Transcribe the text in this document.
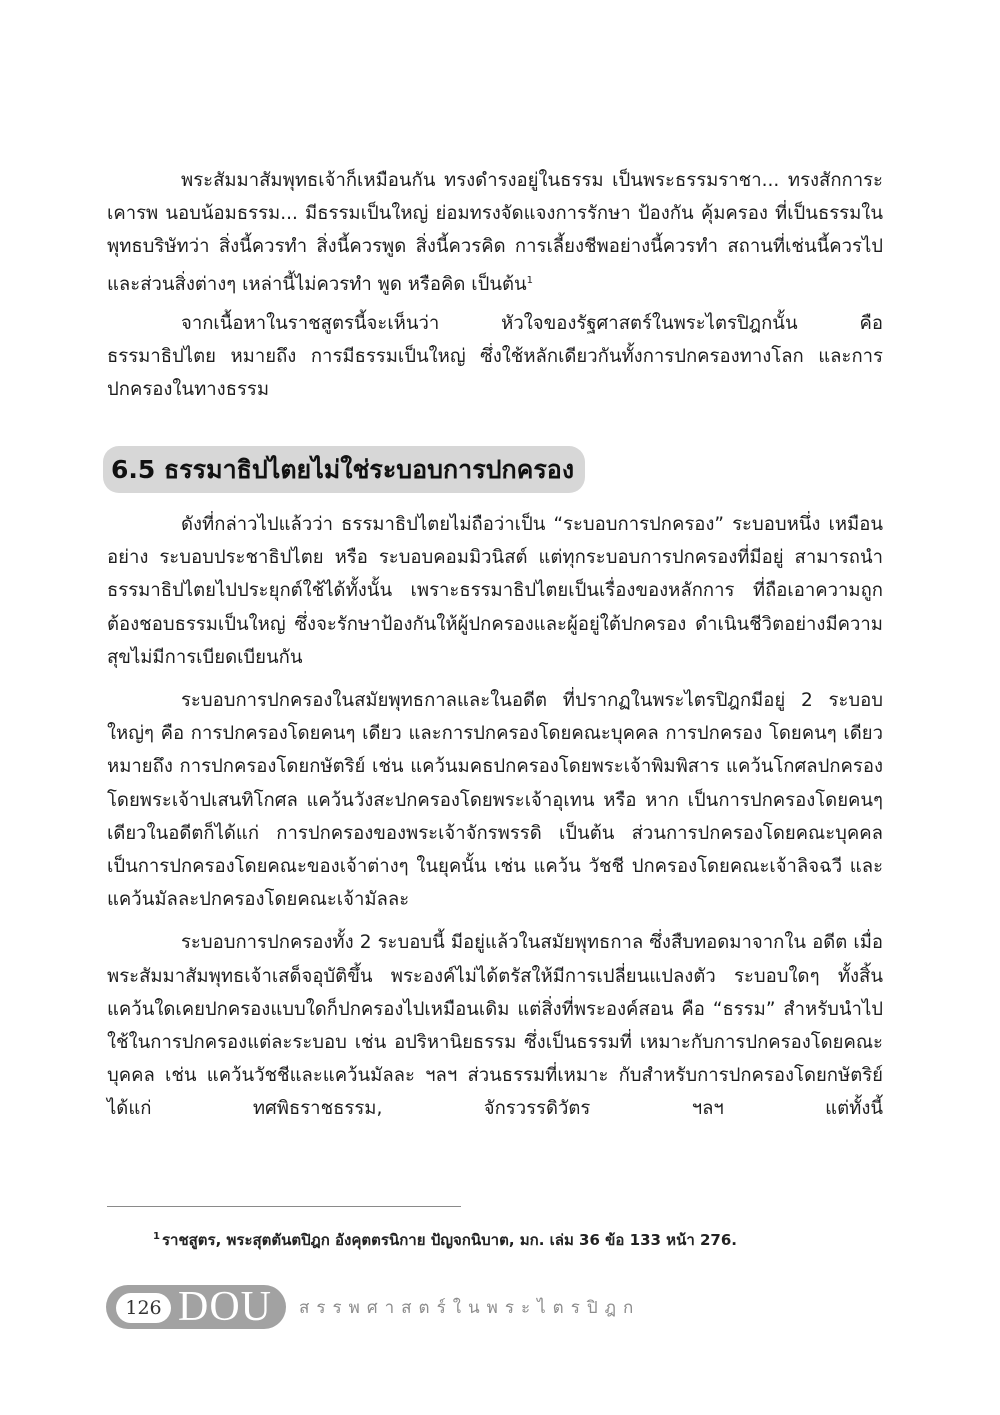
พระสัมมาสัมพุทธเจ้าก็เหมือนกัน ทรงดำรงอยู่ในธรรม เป็นพระธรรมราชา... ทรงสักการะ เคารพ นอบน้อมธรรม... มีธรรมเป็นใหญ่ ย่อมทรงจัดแจงการรักษา ป้องกัน คุ้มครอง ที่เป็นธรรมในพุทธบริษัทว่า สิ่งนี้ควรทำ สิ่งนี้ควรพูด สิ่งนี้ควรคิด การเลี้ยงชีพอย่างนี้ควรทำ สถานที่เช่นนี้ควรไป และส่วนสิ่งต่างๆ เหล่านี้ไม่ควรทำ พูด หรือคิด เป็นต้น$^1$

จากเนื้อหาในราชสูตรนี้จะเห็นว่า หัวใจของรัฐศาสตร์ในพระไตรปิฎกนั้น คือ ธรรมาธิปไตย หมายถึง การมีธรรมเป็นใหญ่ ซึ่งใช้หลักเดียวกันทั้งการปกครองทางโลก และการปกครองในทางธรรม

6.5 ธรรมาธิปไตยไม่ใช่ระบอบการปกครอง

ดังที่กล่าวไปแล้วว่า ธรรมาธิปไตยไม่ถือว่าเป็น “ระบอบการปกครอง” ระบอบหนึ่ง เหมือนอย่าง ระบอบประชาธิปไตย หรือ ระบอบคอมมิวนิสต์ แต่ทุกระบอบการปกครองที่มีอยู่ สามารถนำธรรมาธิปไตยไปประยุกต์ใช้ได้ทั้งนั้น เพราะธรรมาธิปไตยเป็นเรื่องของหลักการ ที่ถือเอาความถูกต้องชอบธรรมเป็นใหญ่ ซึ่งจะรักษาป้องกันให้ผู้ปกครองและผู้อยู่ใต้ปกครอง ดำเนินชีวิตอย่างมีความสุขไม่มีการเบียดเบียนกัน

ระบอบการปกครองในสมัยพุทธกาลและในอดีต ที่ปรากฏในพระไตรปิฎกมีอยู่ 2 ระบอบใหญ่ๆ คือ การปกครองโดยคนๆ เดียว และการปกครองโดยคณะบุคคล การปกครอง โดยคนๆ เดียว หมายถึง การปกครองโดยกษัตริย์ เช่น แคว้นมคธปกครองโดยพระเจ้าพิมพิสาร แคว้นโกศลปกครองโดยพระเจ้าปเสนทิโกศล แคว้นวังสะปกครองโดยพระเจ้าอุเทน หรือ หาก เป็นการปกครองโดยคนๆ เดียวในอดีตก็ได้แก่ การปกครองของพระเจ้าจักรพรรดิ เป็นต้น ส่วนการปกครองโดยคณะบุคคล เป็นการปกครองโดยคณะของเจ้าต่างๆ ในยุคนั้น เช่น แคว้น วัชชี ปกครองโดยคณะเจ้าลิจฉวี และแคว้นมัลละปกครองโดยคณะเจ้ามัลละ

ระบอบการปกครองทั้ง 2 ระบอบนี้ มีอยู่แล้วในสมัยพุทธกาล ซึ่งสืบทอดมาจากใน อดีต เมื่อพระสัมมาสัมพุทธเจ้าเสด็จอุบัติขึ้น พระองค์ไม่ได้ตรัสให้มีการเปลี่ยนแปลงตัว ระบอบใดๆ ทั้งสิ้น แคว้นใดเคยปกครองแบบใดก็ปกครองไปเหมือนเดิม แต่สิ่งที่พระองค์สอน คือ “ธรรม” สำหรับนำไปใช้ในการปกครองแต่ละระบอบ เช่น อปริหานิยธรรม ซึ่งเป็นธรรมที่ เหมาะกับการปกครองโดยคณะบุคคล เช่น แคว้นวัชชีและแคว้นมัลละ ฯลฯ ส่วนธรรมที่เหมาะ กับสำหรับการปกครองโดยกษัตริย์ ได้แก่ ทศพิธราชธรรม, จักรวรรดิวัตร ฯลฯ แต่ทั้งนี้

$^1$ ราชสูตร, พระสุตตันตปิฎก อังคุตตรนิกาย ปัญจกนิบาต, มก. เล่ม 36 ข้อ 133 หน้า 276.
126 DOU สรรพศาสตร์ในพระไตรปิฎก
